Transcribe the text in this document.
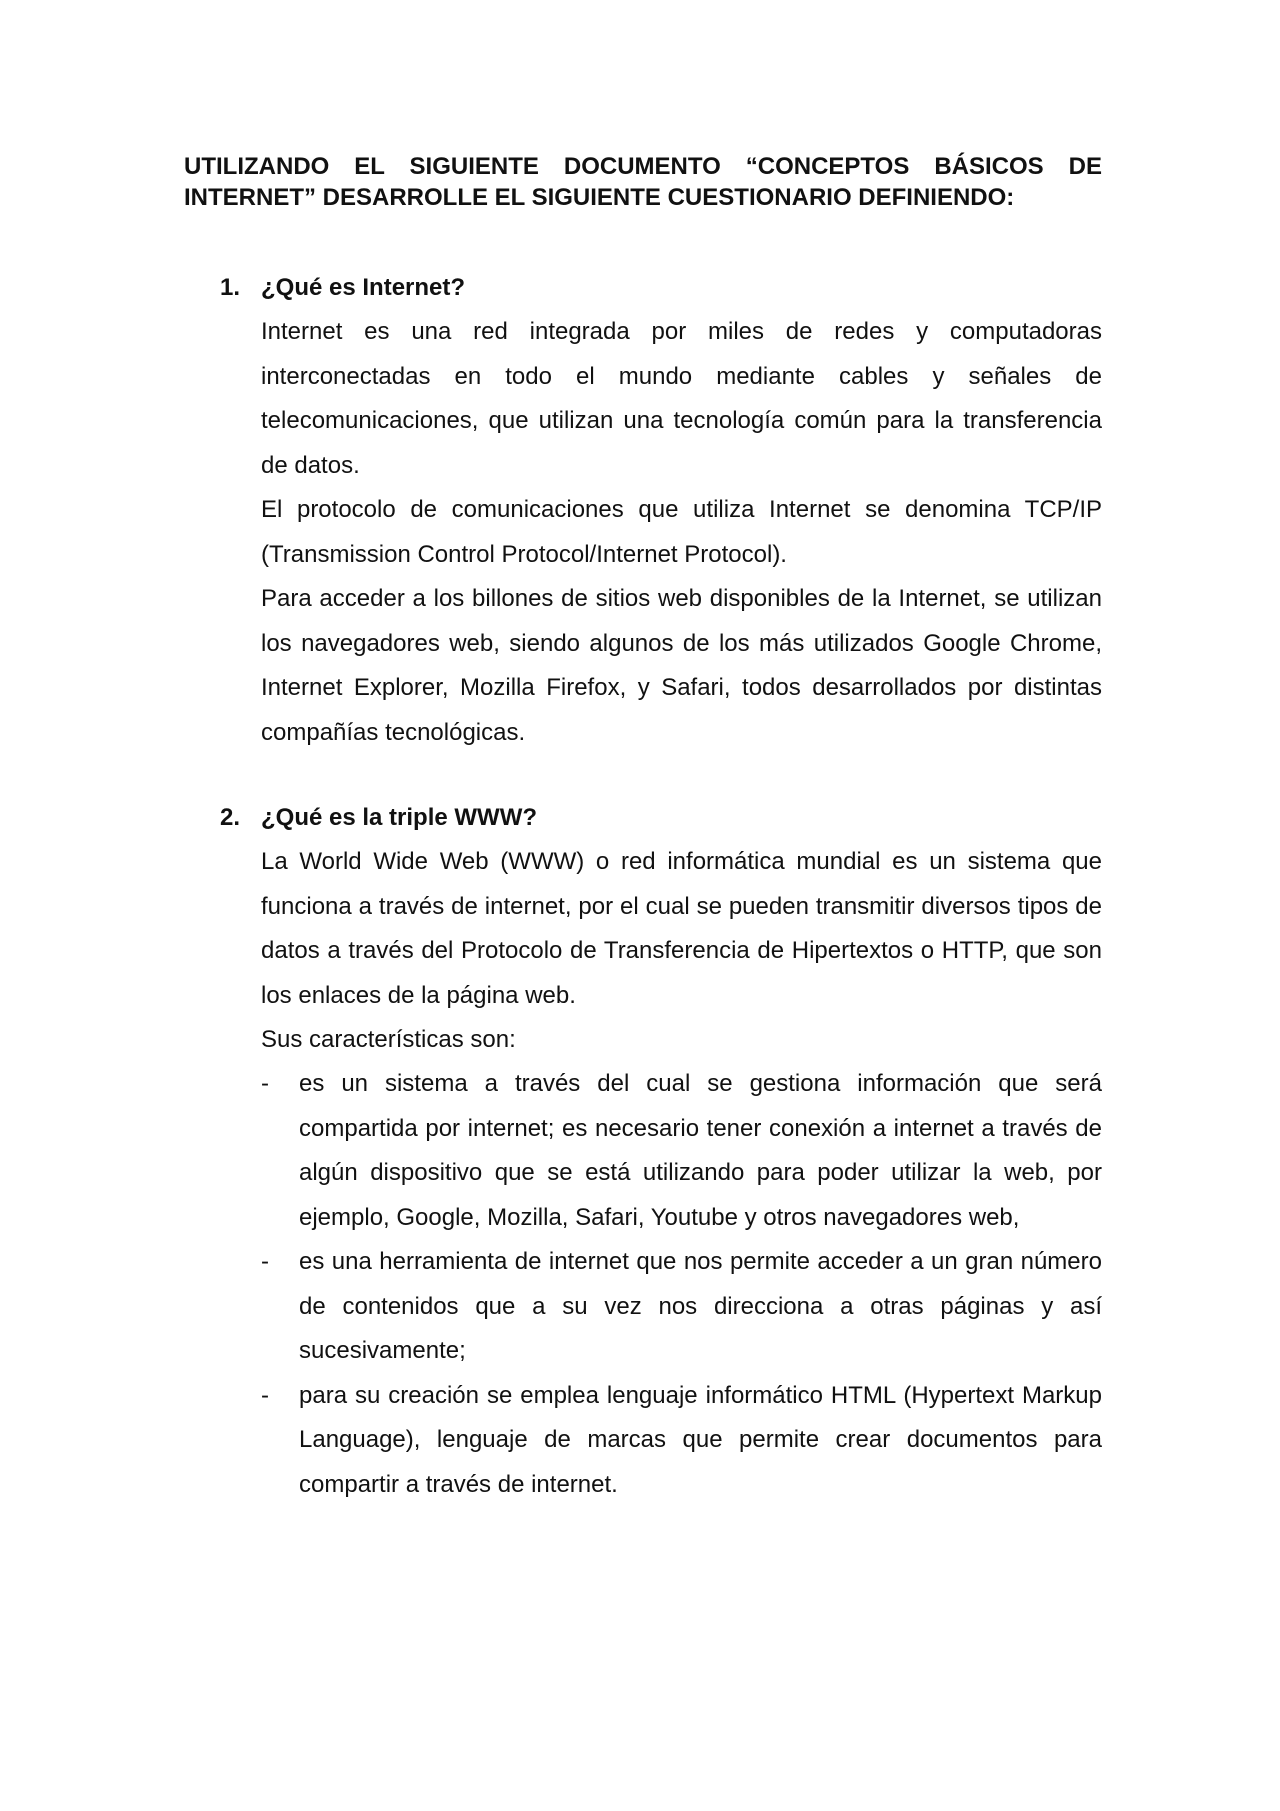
UTILIZANDO EL SIGUIENTE DOCUMENTO “CONCEPTOS BÁSICOS DE INTERNET” DESARROLLE EL SIGUIENTE CUESTIONARIO DEFINIENDO:
1. ¿Qué es Internet?

Internet es una red integrada por miles de redes y computadoras interconectadas en todo el mundo mediante cables y señales de telecomunicaciones, que utilizan una tecnología común para la transferencia de datos.

El protocolo de comunicaciones que utiliza Internet se denomina TCP/IP (Transmission Control Protocol/Internet Protocol).

Para acceder a los billones de sitios web disponibles de la Internet, se utilizan los navegadores web, siendo algunos de los más utilizados Google Chrome, Internet Explorer, Mozilla Firefox, y Safari, todos desarrollados por distintas compañías tecnológicas.

2. ¿Qué es la triple WWW?

La World Wide Web (WWW) o red informática mundial es un sistema que funciona a través de internet, por el cual se pueden transmitir diversos tipos de datos a través del Protocolo de Transferencia de Hipertextos o HTTP, que son los enlaces de la página web.

Sus características son:

- es un sistema a través del cual se gestiona información que será compartida por internet; es necesario tener conexión a internet a través de algún dispositivo que se está utilizando para poder utilizar la web, por ejemplo, Google, Mozilla, Safari, Youtube y otros navegadores web,
- es una herramienta de internet que nos permite acceder a un gran número de contenidos que a su vez nos direcciona a otras páginas y así sucesivamente;
- para su creación se emplea lenguaje informático HTML (Hypertext Markup Language), lenguaje de marcas que permite crear documentos para compartir a través de internet.
